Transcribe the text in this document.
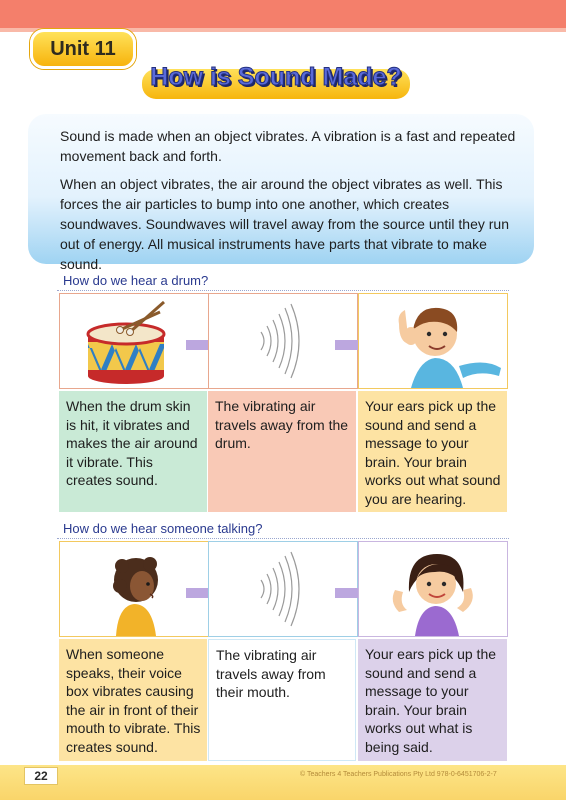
Unit 11
How is Sound Made?

Sound is made when an object vibrates. A vibration is a fast and repeated movement back and forth.

When an object vibrates, the air around the object vibrates as well. This forces the air particles to bump into one another, which creates soundwaves. Soundwaves will travel away from the source until they run out of energy. All musical instruments have parts that vibrate to make sound.

How do we hear a drum?
When the drum skin is hit, it vibrates and makes the air around it vibrate. This creates sound.
The vibrating air travels away from the drum.
Your ears pick up the sound and send a message to your brain. Your brain works out what sound you are hearing.
How do we hear someone talking?
When someone speaks, their voice box vibrates causing the air in front of their mouth to vibrate. This creates sound.
The vibrating air travels away from their mouth.
Your ears pick up the sound and send a message to your brain. Your brain works out what is being said.
22	© Teachers 4 Teachers Publications Pty Ltd 978-0-6451706-2-7
